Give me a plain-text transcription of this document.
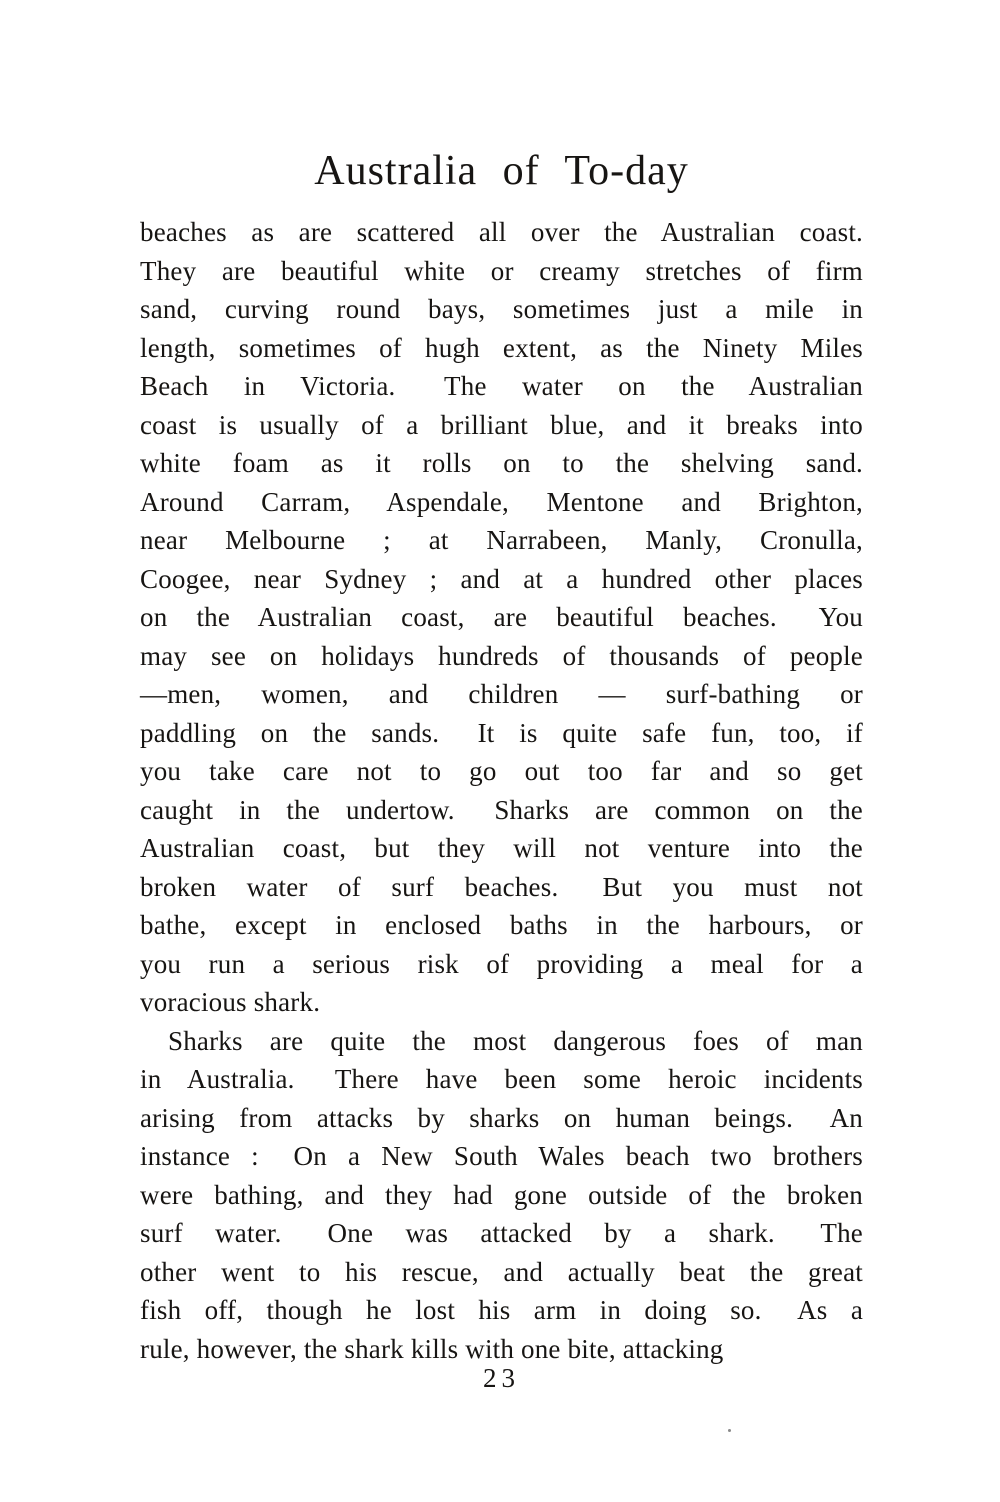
Australia of To-day
beaches as are scattered all over the Australian coast.
They are beautiful white or creamy stretches of firm
sand, curving round bays, sometimes just a mile in
length, sometimes of hugh extent, as the Ninety Miles
Beach in Victoria.  The water on the Australian
coast is usually of a brilliant blue, and it breaks into
white foam as it rolls on to the shelving sand.
Around Carram, Aspendale, Mentone and Brighton,
near Melbourne ; at Narrabeen, Manly, Cronulla,
Coogee, near Sydney ; and at a hundred other places
on the Australian coast, are beautiful beaches.  You
may see on holidays hundreds of thousands of people
—men, women, and children — surf-bathing or
paddling on the sands.  It is quite safe fun, too, if
you take care not to go out too far and so get
caught in the undertow.  Sharks are common on the
Australian coast, but they will not venture into the
broken water of surf beaches.  But you must not
bathe, except in enclosed baths in the harbours, or
you run a serious risk of providing a meal for a
voracious shark.
Sharks are quite the most dangerous foes of man
in Australia.  There have been some heroic incidents
arising from attacks by sharks on human beings.  An
instance :  On a New South Wales beach two brothers
were bathing, and they had gone outside of the broken
surf water.  One was attacked by a shark.  The
other went to his rescue, and actually beat the great
fish off, though he lost his arm in doing so.  As a
rule, however, the shark kills with one bite, attacking
23
